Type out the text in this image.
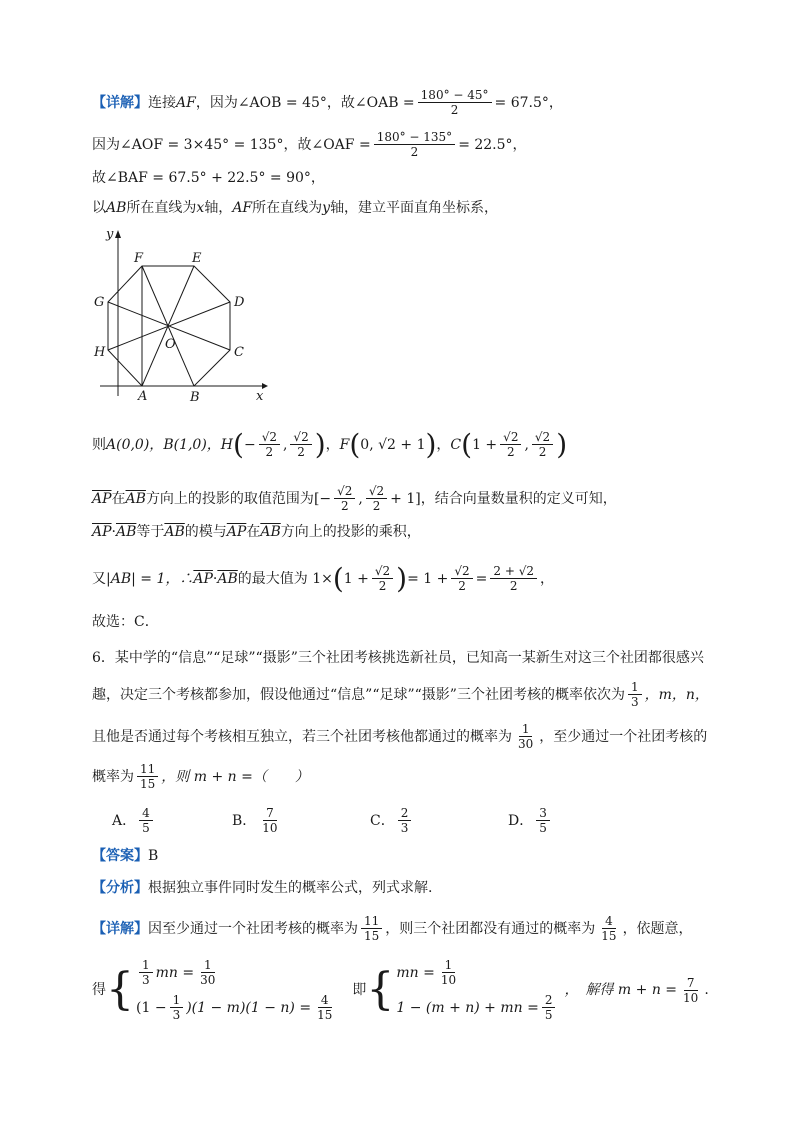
【详解】 连接 AF ，因为∠AOB = 45°，故∠OAB = $\frac{180^\circ - 45^\circ}{2} = 67.5^\circ$，
因为∠AOF = 3×45° = 135°，故∠OAF = $\frac{180^\circ - 135^\circ}{2} = 22.5^\circ$，
故∠BAF = 67.5° + 22.5° = 90°，
以 AB 所在直线为 x 轴， AF 所在直线为 y 轴，建立平面直角坐标系，
F	E
G	D
O
H	C
A	B	x
y
则 A(0,0)， B(1,0)， H ( − $\frac{√2}{2}$ , $\frac{√2}{2}$ ) ， F ( 0, √2 + 1 ) ， C ( $1 + \frac{√2}{2}$ , $\frac{√2}{2}$ )
$\overline{AP}$ 在 $\overline{AB}$ 方向上的投影的取值范围为 [− $\frac{√2}{2}$ , $\frac{√2}{2} + 1$] ，结合向量数量积的定义可知，
$\overline{AP} \cdot \overline{AB}$ 等于 $\overline{AB}$ 的模与 $\overline{AP}$ 在 $\overline{AB}$ 方向上的投影的乘积，
又 |AB| = 1，∴ $\overline{AP} \cdot \overline{AB}$ 的最大值为 1× ( $1 + \frac{√2}{2}$ ) = $1 + \frac{√2}{2} = \frac{2 + √2}{2}$ ，
故选：C．
6．某中学的“信息”“足球”“摄影”三个社团考核挑选新社员，已知高一某新生对这三个社团都很感兴
趣，决定三个考核都参加，假设他通过“信息”“足球”“摄影”三个社团考核的概率依次为 $\frac{1}{3}$ ，m，n，
且他是否通过每个考核相互独立，若三个社团考核他都通过的概率为 $\frac{1}{30}$ ，至少通过一个社团考核的
概率为 $\frac{11}{15}$ ，则 m + n =（　　）
A． $\frac{4}{5}$	B． $\frac{7}{10}$	C． $\frac{2}{3}$	D． $\frac{3}{5}$
【答案】 B
【分析】 根据独立事件同时发生的概率公式，列式求解.
【详解】 因至少通过一个社团考核的概率为 $\frac{11}{15}$ ，则三个社团都没有通过的概率为 $\frac{4}{15}$ ，依题意，
得 { $\frac{1}{3}$ mn = $\frac{1}{30}$
$(1 - \frac{1}{3} )(1 - m)(1 - n) = \frac{4}{15}$
即 { mn = $\frac{1}{10}$
1 − (m + n) + mn = $\frac{2}{5}$
，　解得 $m + n = \frac{7}{10}$ .
